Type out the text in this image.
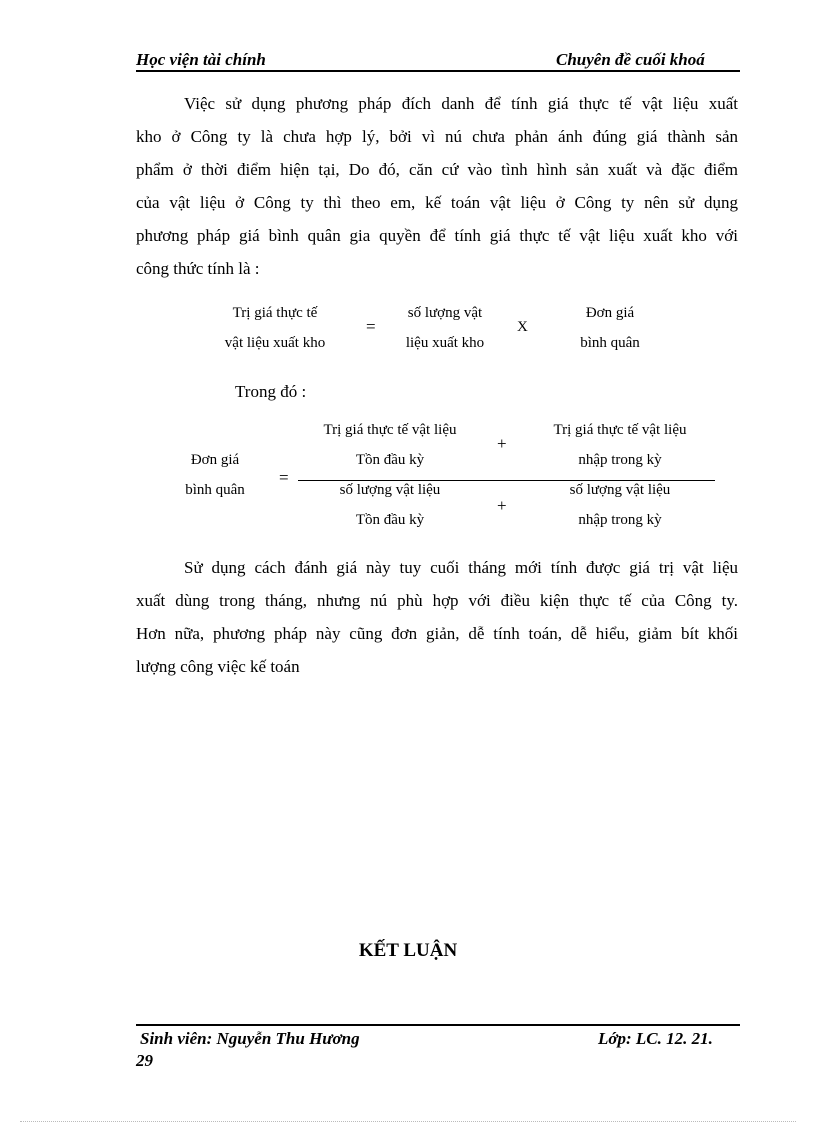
Học viện tài chính	Chuyên đề cuối khoá
Việc sử dụng phương pháp đích danh để tính giá thực tế vật liệu xuất
kho ở Công ty là chưa hợp lý, bởi vì nú chưa phản ánh đúng giá thành sản
phẩm ở thời điểm hiện tại, Do đó, căn cứ vào tình hình sản xuất và đặc điểm
của vật liệu ở Công ty thì theo em, kế toán vật liệu ở Công ty nên sử dụng
phương pháp giá bình quân gia quyền để tính giá thực tế vật liệu xuất kho với
công thức tính là :
Trị giá thực tế
vật liệu xuất kho
=
số lượng vật
liệu xuất kho
X
Đơn giá
bình quân
Trong đó :
Đơn giá
bình quân
=
Trị giá thực tế vật liệu
Tồn đầu kỳ
+
Trị giá thực tế vật liệu
nhập trong kỳ
số lượng vật liệu
Tồn đầu kỳ
+
số lượng vật liệu
nhập trong kỳ
Sử dụng cách đánh giá này tuy cuối tháng mới tính được giá trị vật liệu
xuất dùng trong tháng, nhưng nú phù hợp với điều kiện thực tế của Công ty.
Hơn nữa, phương pháp này cũng đơn giản, dễ tính toán, dễ hiểu, giảm bít khối
lượng công việc kế toán
KẾT LUẬN
Sinh viên: Nguyễn Thu Hương	Lớp: LC. 12. 21.
29
